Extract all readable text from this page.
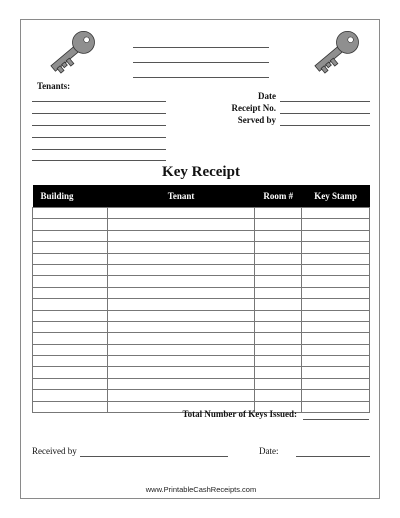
Tenants:
Date
Receipt No.
Served by
Key Receipt
Building	Tenant	Room #	Key Stamp

Total Number of Keys Issued:
Received by	Date:
www.PrintableCashReceipts.com
